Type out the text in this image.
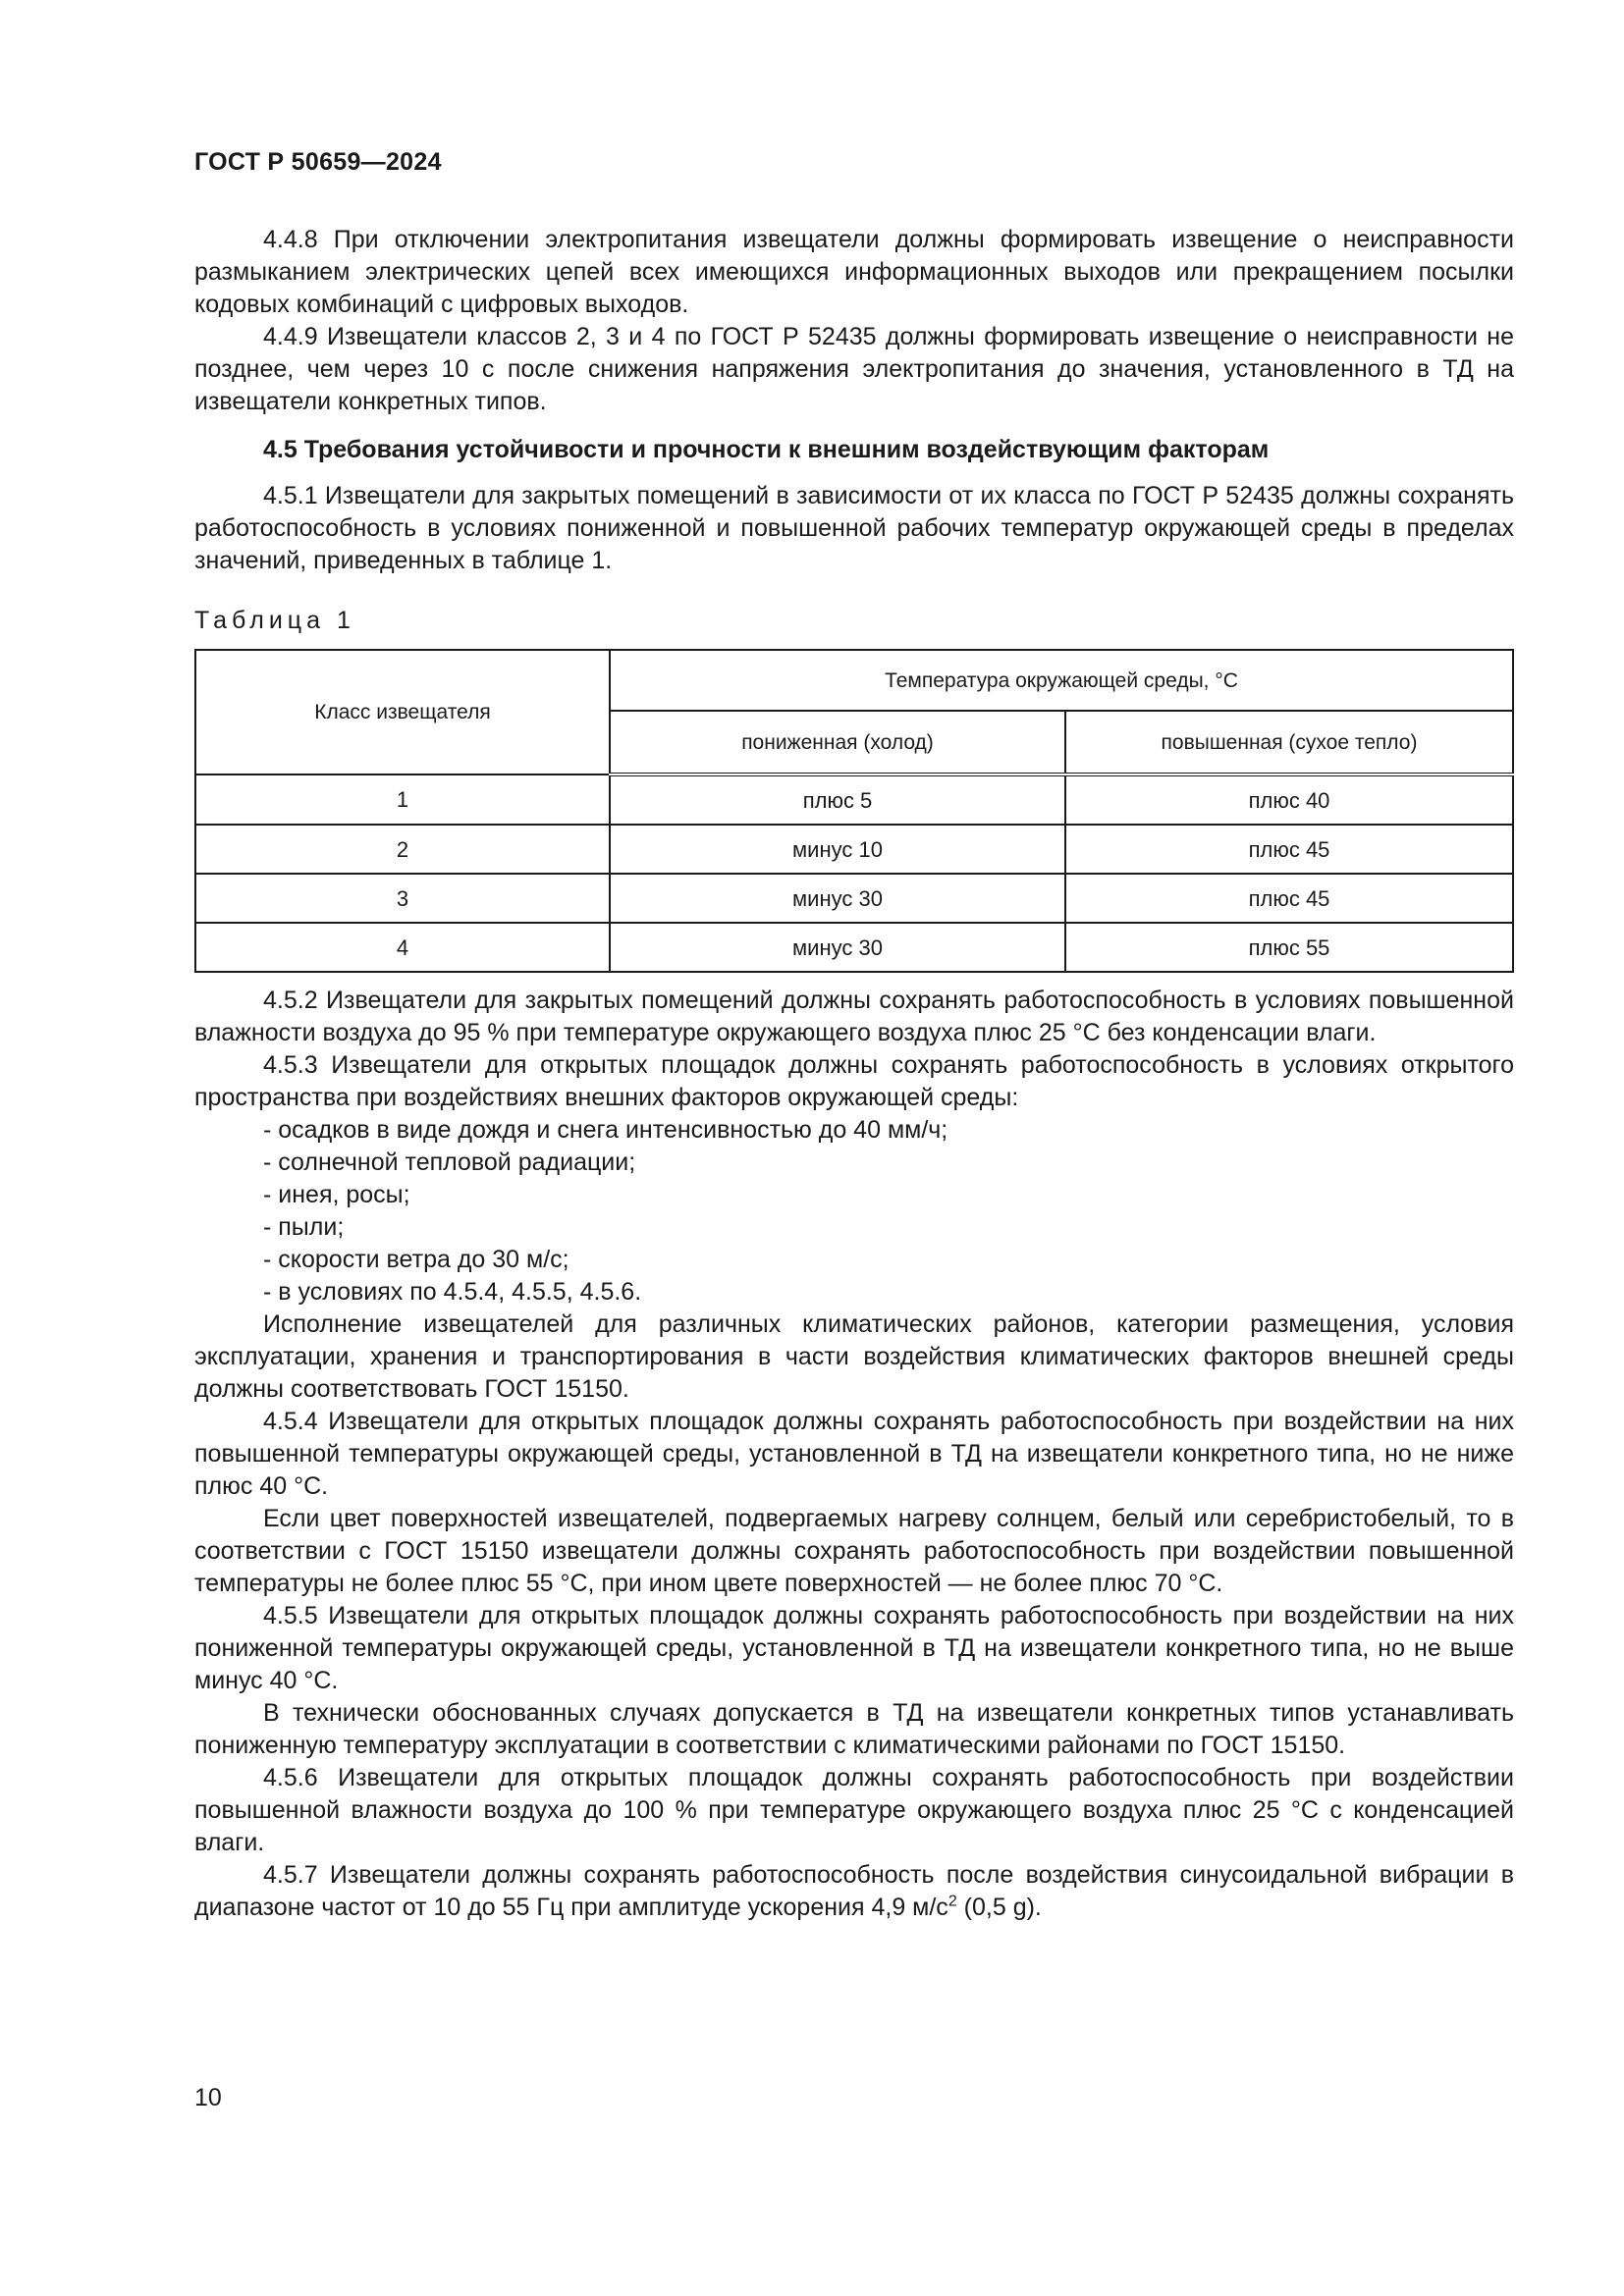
ГОСТ Р 50659—2024

4.4.8 При отключении электропитания извещатели должны формировать извещение о неисправности размыканием электрических цепей всех имеющихся информационных выходов или прекращением посылки кодовых комбинаций с цифровых выходов.

4.4.9 Извещатели классов 2, 3 и 4 по ГОСТ Р 52435 должны формировать извещение о неисправности не позднее, чем через 10 с после снижения напряжения электропитания до значения, установленного в ТД на извещатели конкретных типов.

4.5 Требования устойчивости и прочности к внешним воздействующим факторам

4.5.1 Извещатели для закрытых помещений в зависимости от их класса по ГОСТ Р 52435 должны сохранять работоспособность в условиях пониженной и повышенной рабочих температур окружающей среды в пределах значений, приведенных в таблице 1.

Таблица 1

Класс извещателя	Температура окружающей среды, °С	
	пониженная (холод)	повышенная (сухое тепло)
1	плюс 5	плюс 40
2	минус 10	плюс 45
3	минус 30	плюс 45
4	минус 30	плюс 55

4.5.2 Извещатели для закрытых помещений должны сохранять работоспособность в условиях повышенной влажности воздуха до 95 % при температуре окружающего воздуха плюс 25 °С без конденсации влаги.

4.5.3 Извещатели для открытых площадок должны сохранять работоспособность в условиях открытого пространства при воздействиях внешних факторов окружающей среды:

- осадков в виде дождя и снега интенсивностью до 40 мм/ч;

- солнечной тепловой радиации;

- инея, росы;

- пыли;

- скорости ветра до 30 м/с;

- в условиях по 4.5.4, 4.5.5, 4.5.6.

Исполнение извещателей для различных климатических районов, категории размещения, условия эксплуатации, хранения и транспортирования в части воздействия климатических факторов внешней среды должны соответствовать ГОСТ 15150.

4.5.4 Извещатели для открытых площадок должны сохранять работоспособность при воздействии на них повышенной температуры окружающей среды, установленной в ТД на извещатели конкретного типа, но не ниже плюс 40 °С.

Если цвет поверхностей извещателей, подвергаемых нагреву солнцем, белый или серебристобелый, то в соответствии с ГОСТ 15150 извещатели должны сохранять работоспособность при воздействии повышенной температуры не более плюс 55 °С, при ином цвете поверхностей — не более плюс 70 °С.

4.5.5 Извещатели для открытых площадок должны сохранять работоспособность при воздействии на них пониженной температуры окружающей среды, установленной в ТД на извещатели конкретного типа, но не выше минус 40 °С.

В технически обоснованных случаях допускается в ТД на извещатели конкретных типов устанавливать пониженную температуру эксплуатации в соответствии с климатическими районами по ГОСТ 15150.

4.5.6 Извещатели для открытых площадок должны сохранять работоспособность при воздействии повышенной влажности воздуха до 100 % при температуре окружающего воздуха плюс 25 °С с конденсацией влаги.

4.5.7 Извещатели должны сохранять работоспособность после воздействия синусоидальной вибрации в диапазоне частот от 10 до 55 Гц при амплитуде ускорения 4,9 $м/с^2$ (0,5 g).

10
